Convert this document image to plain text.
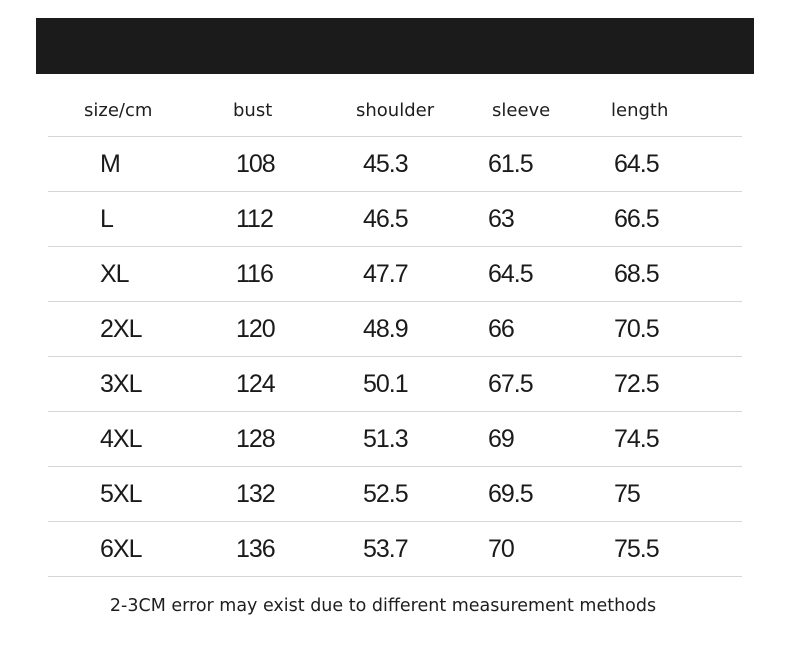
size/cm	bust	shoulder	sleeve	length
M	108	45.3	61.5	64.5
L	112	46.5	63	66.5
XL	116	47.7	64.5	68.5
2XL	120	48.9	66	70.5
3XL	124	50.1	67.5	72.5
4XL	128	51.3	69	74.5
5XL	132	52.5	69.5	75
6XL	136	53.7	70	75.5
2-3CM error may exist due to different measurement methods
